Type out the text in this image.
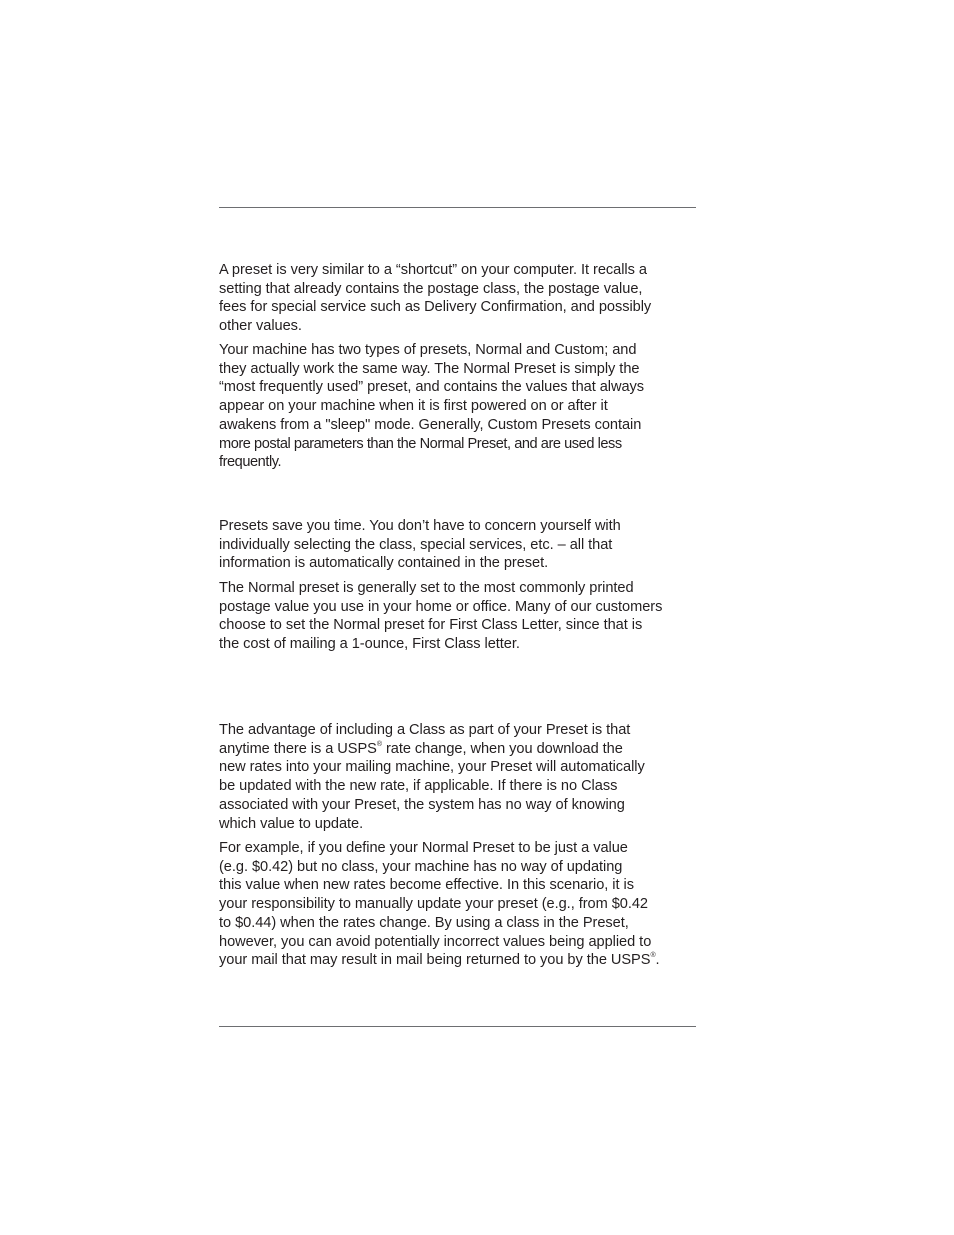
A preset is very similar to a “shortcut” on your computer. It recalls a
setting that already contains the postage class, the postage value,
fees for special service such as Delivery Confirmation, and possibly
other values.

Your machine has two types of presets, Normal and Custom; and
they actually work the same way. The Normal Preset is simply the
“most frequently used” preset, and contains the values that always
appear on your machine when it is first powered on or after it
awakens from a "sleep" mode. Generally, Custom Presets contain
more postal parameters than the Normal Preset, and are used less
frequently.

Presets save you time. You don’t have to concern yourself with
individually selecting the class, special services, etc. – all that
information is automatically contained in the preset.

The Normal preset is generally set to the most commonly printed
postage value you use in your home or office. Many of our customers
choose to set the Normal preset for First Class Letter, since that is
the cost of mailing a 1-ounce, First Class letter.

The advantage of including a Class as part of your Preset is that
anytime there is a USPS® rate change, when you download the
new rates into your mailing machine, your Preset will automatically
be updated with the new rate, if applicable. If there is no Class
associated with your Preset, the system has no way of knowing
which value to update.

For example, if you define your Normal Preset to be just a value
(e.g. $0.42) but no class, your machine has no way of updating
this value when new rates become effective. In this scenario, it is
your responsibility to manually update your preset (e.g., from $0.42
to $0.44) when the rates change. By using a class in the Preset,
however, you can avoid potentially incorrect values being applied to
your mail that may result in mail being returned to you by the USPS®.
